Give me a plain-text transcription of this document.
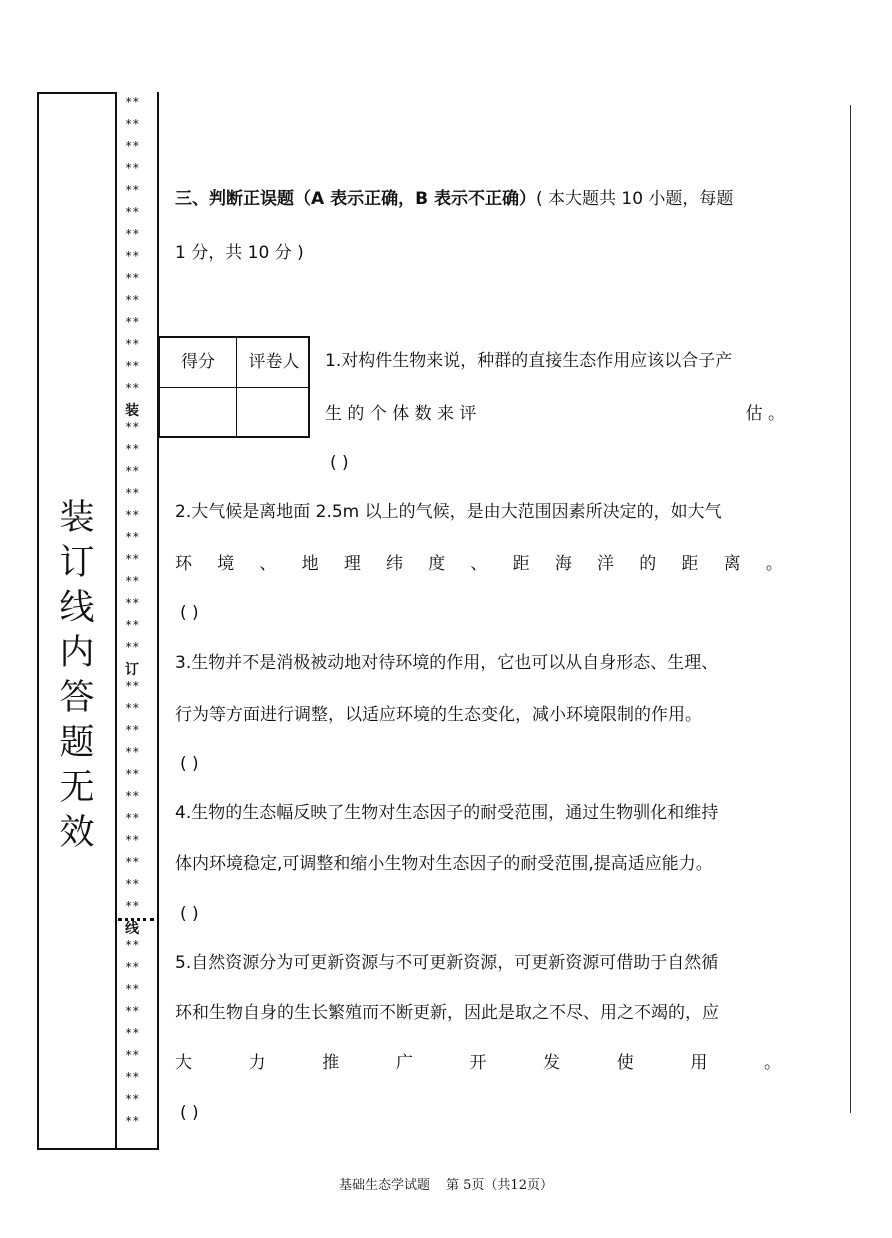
装
订
线
内
答
题
无
效
**
**
**
**
**
**
**
**
**
**
**
**
**
**
装
**
**
**
**
**
**
**
**
**
**
**
订
**
**
**
**
**
**
**
**
**
**
**
线
**
**
**
**
**
**
**
**
**
三、判断正误题（A 表示正确，B 表示不正确）( 本大题共 10 小题，每题
1 分，共 10 分 )
得分	评卷人	1.对构件生物来说，种群的直接生态作用应该以合子产
生 的 个 体 数 来 评	估 。
( )
2.大气候是离地面 2.5m 以上的气候，是由大范围因素所决定的，如大气
环 境 、 地 理 纬 度 、 距 海 洋 的 距 离 。
( )
3.生物并不是消极被动地对待环境的作用，它也可以从自身形态、生理、
行为等方面进行调整，以适应环境的生态变化，减小环境限制的作用。
( )
4.生物的生态幅反映了生物对生态因子的耐受范围，通过生物驯化和维持
体内环境稳定,可调整和缩小生物对生态因子的耐受范围,提高适应能力。
( )
5.自然资源分为可更新资源与不可更新资源，可更新资源可借助于自然循
环和生物自身的生长繁殖而不断更新，因此是取之不尽、用之不竭的，应
大	力	推	广	开	发	使	用	。
( )
基础生态学试题 第 5页（共12页）
